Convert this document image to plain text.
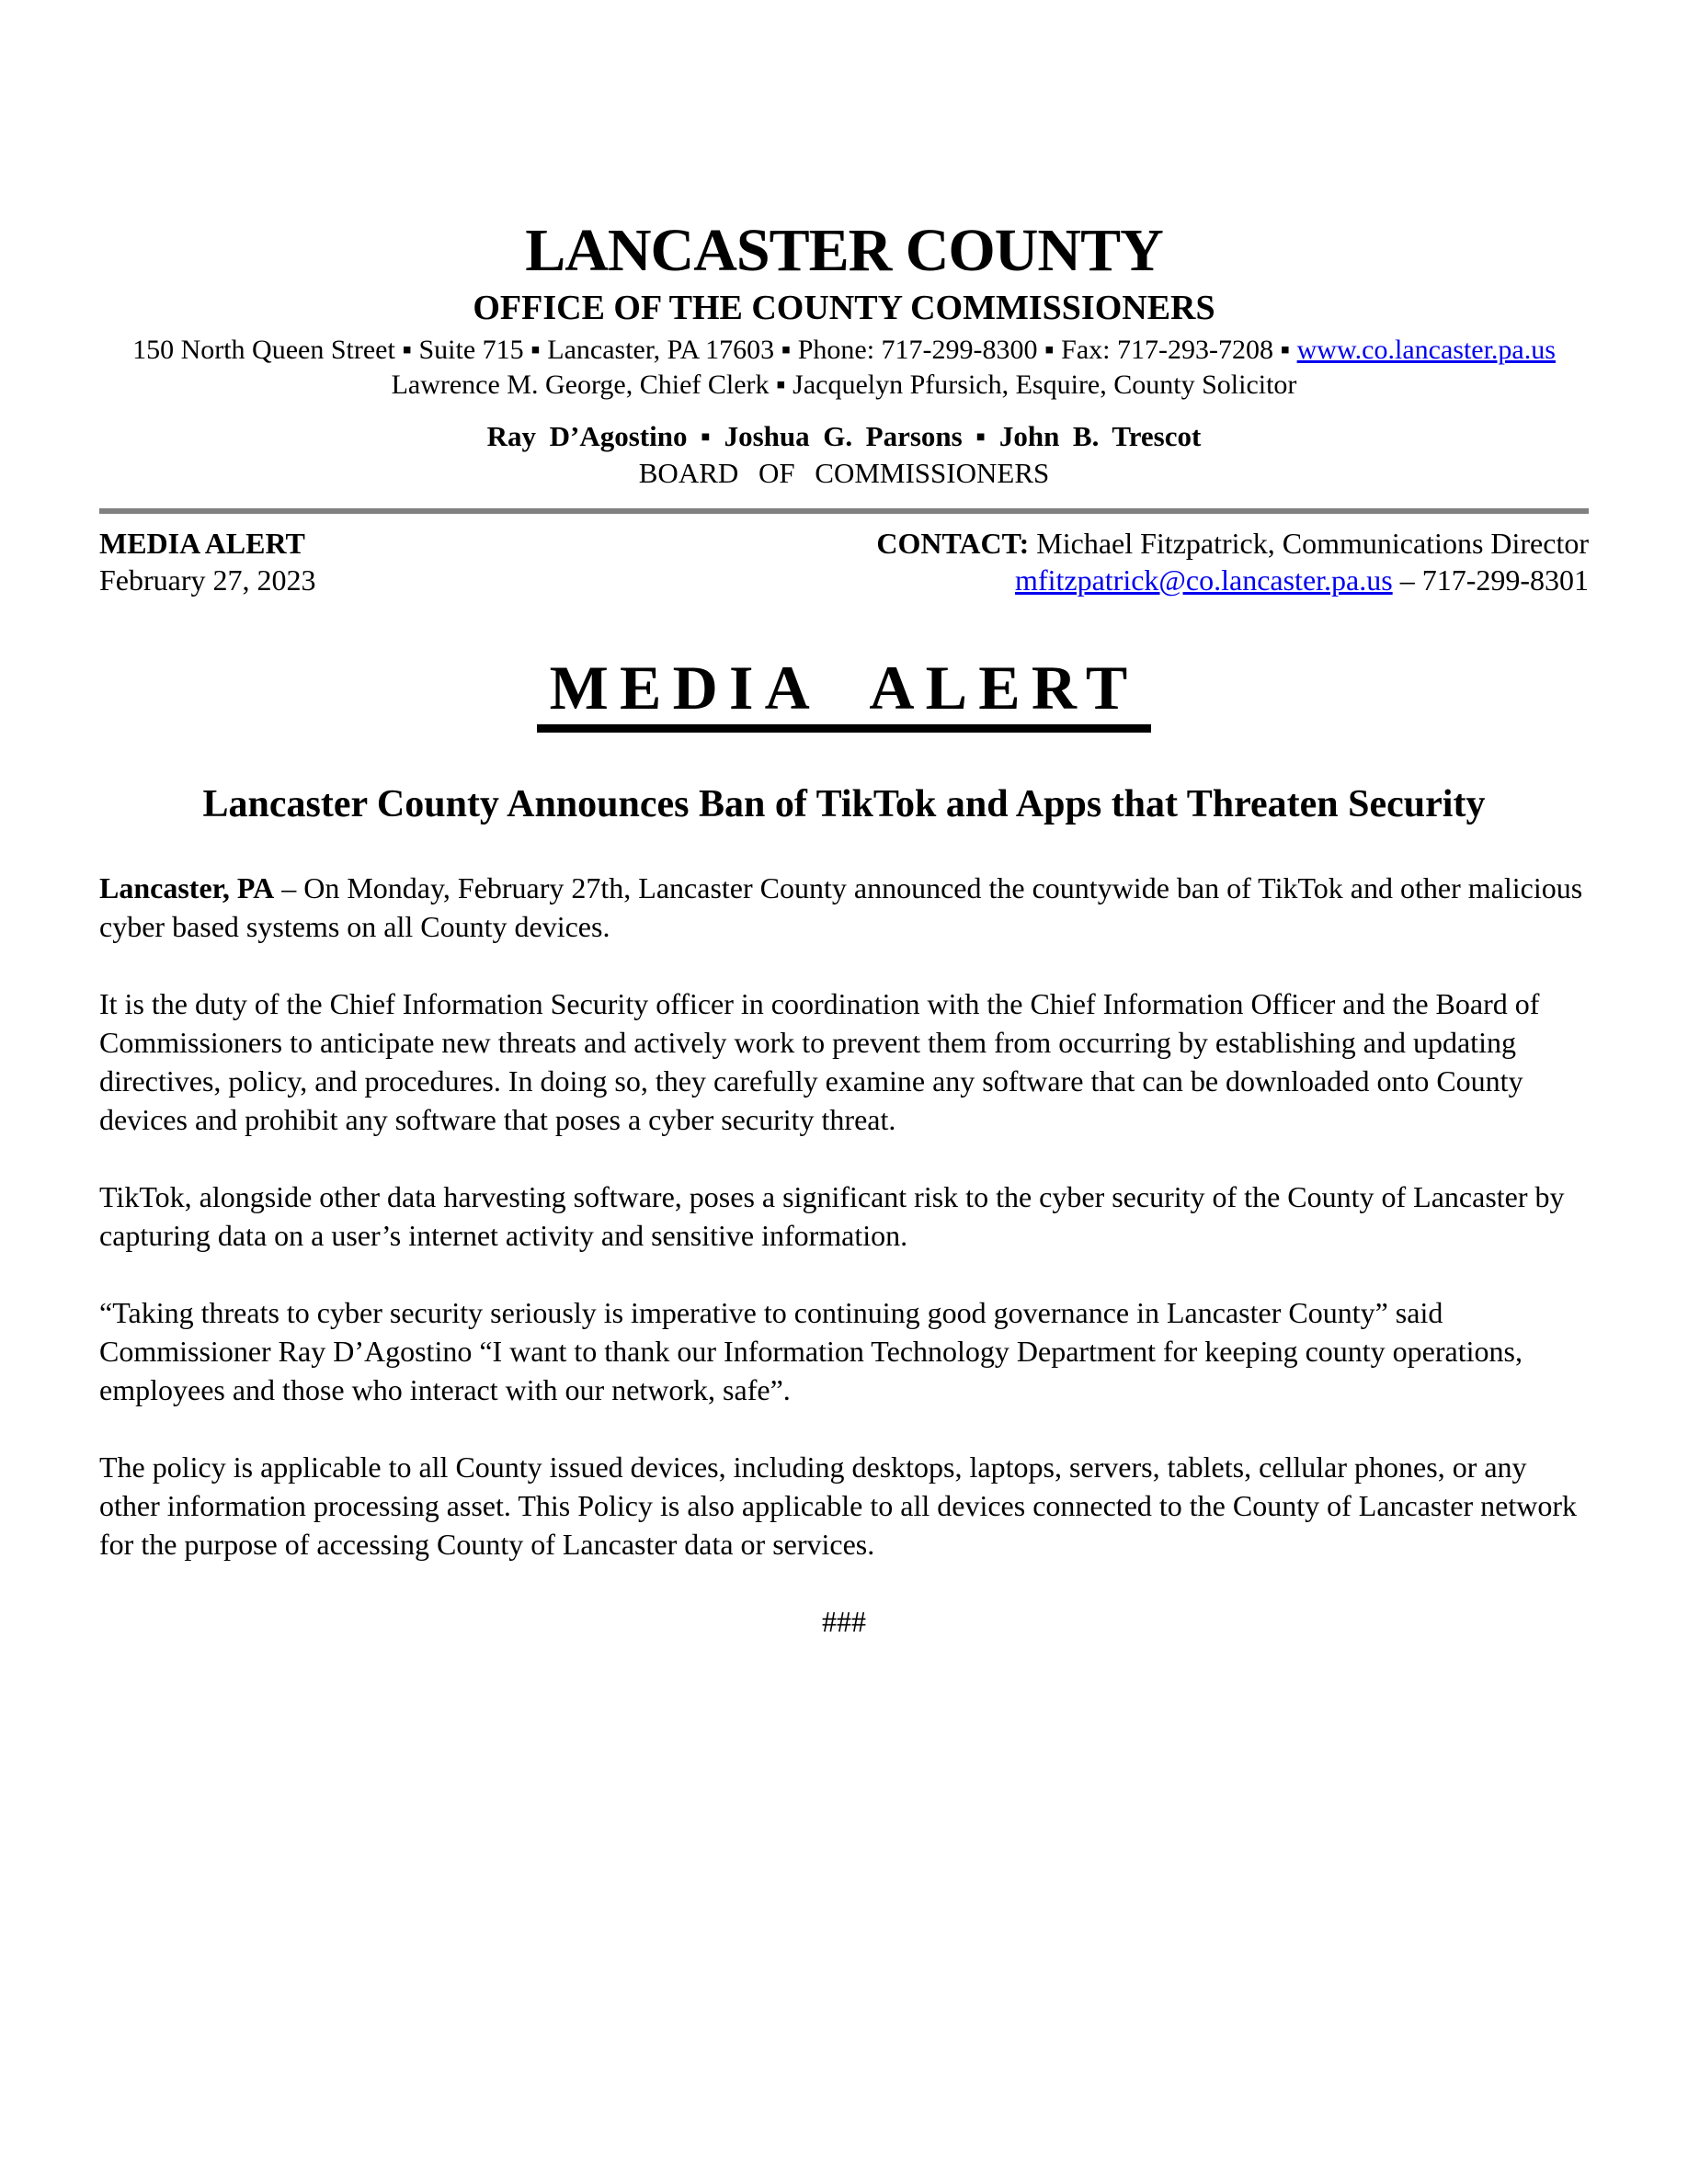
LANCASTER COUNTY
OFFICE OF THE COUNTY COMMISSIONERS
150 North Queen Street ▪ Suite 715 ▪ Lancaster, PA 17603 ▪ Phone: 717-299-8300 ▪ Fax: 717-293-7208 ▪ www.co.lancaster.pa.us
Lawrence M. George, Chief Clerk ▪ Jacquelyn Pfursich, Esquire, County Solicitor
Ray D’Agostino ▪ Joshua G. Parsons ▪ John B. Trescot
BOARD OF COMMISSIONERS
MEDIA ALERT
February 27, 2023
CONTACT: Michael Fitzpatrick, Communications Director
mfitzpatrick@co.lancaster.pa.us – 717-299-8301
MEDIA ALERT
Lancaster County Announces Ban of TikTok and Apps that Threaten Security

Lancaster, PA – On Monday, February 27th, Lancaster County announced the countywide ban of TikTok and other malicious cyber based systems on all County devices.

It is the duty of the Chief Information Security officer in coordination with the Chief Information Officer and the Board of Commissioners to anticipate new threats and actively work to prevent them from occurring by establishing and updating directives, policy, and procedures. In doing so, they carefully examine any software that can be downloaded onto County devices and prohibit any software that poses a cyber security threat.

TikTok, alongside other data harvesting software, poses a significant risk to the cyber security of the County of Lancaster by capturing data on a user’s internet activity and sensitive information.

“Taking threats to cyber security seriously is imperative to continuing good governance in Lancaster County” said Commissioner Ray D’Agostino “I want to thank our Information Technology Department for keeping county operations, employees and those who interact with our network, safe”.

The policy is applicable to all County issued devices, including desktops, laptops, servers, tablets, cellular phones, or any other information processing asset. This Policy is also applicable to all devices connected to the County of Lancaster network for the purpose of accessing County of Lancaster data or services.

###
